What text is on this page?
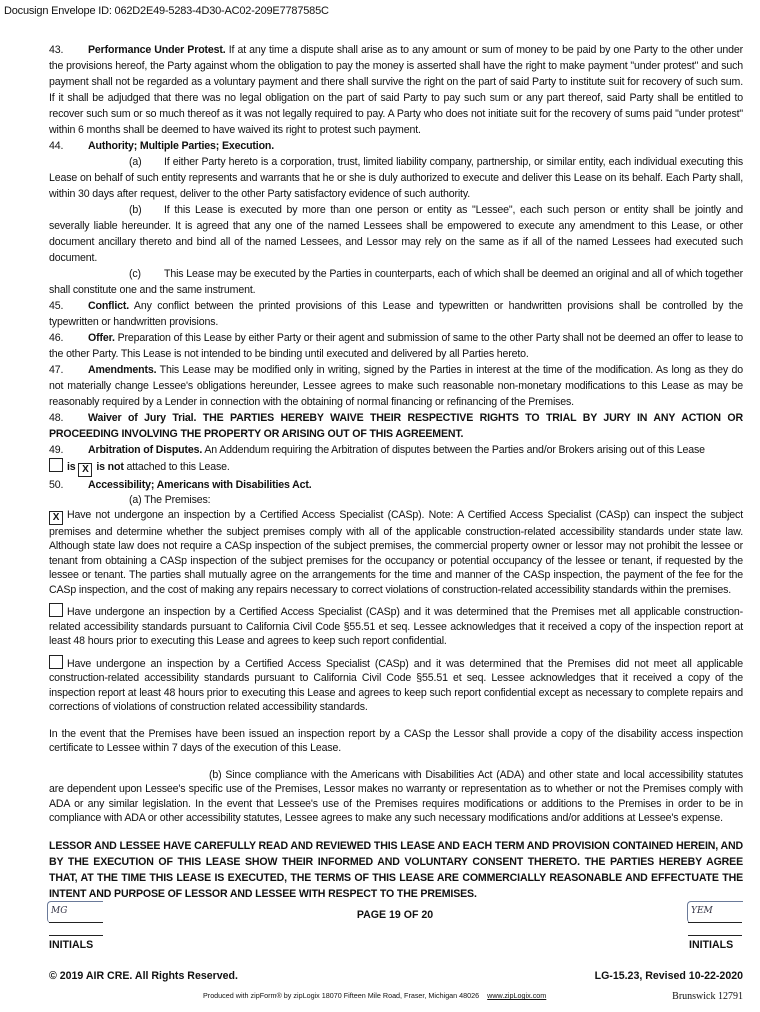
Docusign Envelope ID: 062D2E49-5283-4D30-AC02-209E7787585C

43. Performance Under Protest. If at any time a dispute shall arise as to any amount or sum of money to be paid by one Party to the other under the provisions hereof, the Party against whom the obligation to pay the money is asserted shall have the right to make payment "under protest" and such payment shall not be regarded as a voluntary payment and there shall survive the right on the part of said Party to institute suit for recovery of such sum. If it shall be adjudged that there was no legal obligation on the part of said Party to pay such sum or any part thereof, said Party shall be entitled to recover such sum or so much thereof as it was not legally required to pay. A Party who does not initiate suit for the recovery of sums paid "under protest" within 6 months shall be deemed to have waived its right to protest such payment.

44. Authority; Multiple Parties; Execution.

(a) If either Party hereto is a corporation, trust, limited liability company, partnership, or similar entity, each individual executing this Lease on behalf of such entity represents and warrants that he or she is duly authorized to execute and deliver this Lease on its behalf. Each Party shall, within 30 days after request, deliver to the other Party satisfactory evidence of such authority.

(b) If this Lease is executed by more than one person or entity as "Lessee", each such person or entity shall be jointly and severally liable hereunder. It is agreed that any one of the named Lessees shall be empowered to execute any amendment to this Lease, or other document ancillary thereto and bind all of the named Lessees, and Lessor may rely on the same as if all of the named Lessees had executed such document.

(c) This Lease may be executed by the Parties in counterparts, each of which shall be deemed an original and all of which together shall constitute one and the same instrument.

45. Conflict. Any conflict between the printed provisions of this Lease and typewritten or handwritten provisions shall be controlled by the typewritten or handwritten provisions.

46. Offer. Preparation of this Lease by either Party or their agent and submission of same to the other Party shall not be deemed an offer to lease to the other Party. This Lease is not intended to be binding until executed and delivered by all Parties hereto.

47. Amendments. This Lease may be modified only in writing, signed by the Parties in interest at the time of the modification. As long as they do not materially change Lessee's obligations hereunder, Lessee agrees to make such reasonable non-monetary modifications to this Lease as may be reasonably required by a Lender in connection with the obtaining of normal financing or refinancing of the Premises.

48. Waiver of Jury Trial. THE PARTIES HEREBY WAIVE THEIR RESPECTIVE RIGHTS TO TRIAL BY JURY IN ANY ACTION OR PROCEEDING INVOLVING THE PROPERTY OR ARISING OUT OF THIS AGREEMENT.

49. Arbitration of Disputes. An Addendum requiring the Arbitration of disputes between the Parties and/or Brokers arising out of this Lease

is X is not attached to this Lease.

50. Accessibility; Americans with Disabilities Act.

(a) The Premises:

X Have not undergone an inspection by a Certified Access Specialist (CASp). Note: A Certified Access Specialist (CASp) can inspect the subject premises and determine whether the subject premises comply with all of the applicable construction-related accessibility standards under state law. Although state law does not require a CASp inspection of the subject premises, the commercial property owner or lessor may not prohibit the lessee or tenant from obtaining a CASp inspection of the subject premises for the occupancy or potential occupancy of the lessee or tenant, if requested by the lessee or tenant. The parties shall mutually agree on the arrangements for the time and manner of the CASp inspection, the payment of the fee for the CASp inspection, and the cost of making any repairs necessary to correct violations of construction-related accessibility standards within the premises.

Have undergone an inspection by a Certified Access Specialist (CASp) and it was determined that the Premises met all applicable construction-related accessibility standards pursuant to California Civil Code §55.51 et seq. Lessee acknowledges that it received a copy of the inspection report at least 48 hours prior to executing this Lease and agrees to keep such report confidential.

Have undergone an inspection by a Certified Access Specialist (CASp) and it was determined that the Premises did not meet all applicable construction-related accessibility standards pursuant to California Civil Code §55.51 et seq. Lessee acknowledges that it received a copy of the inspection report at least 48 hours prior to executing this Lease and agrees to keep such report confidential except as necessary to complete repairs and corrections of violations of construction related accessibility standards.

In the event that the Premises have been issued an inspection report by a CASp the Lessor shall provide a copy of the disability access inspection certificate to Lessee within 7 days of the execution of this Lease.

(b) Since compliance with the Americans with Disabilities Act (ADA) and other state and local accessibility statutes are dependent upon Lessee's specific use of the Premises, Lessor makes no warranty or representation as to whether or not the Premises comply with ADA or any similar legislation. In the event that Lessee's use of the Premises requires modifications or additions to the Premises in order to be in compliance with ADA or other accessibility statutes, Lessee agrees to make any such necessary modifications and/or additions at Lessee's expense.

LESSOR AND LESSEE HAVE CAREFULLY READ AND REVIEWED THIS LEASE AND EACH TERM AND PROVISION CONTAINED HEREIN, AND BY THE EXECUTION OF THIS LEASE SHOW THEIR INFORMED AND VOLUNTARY CONSENT THERETO. THE PARTIES HEREBY AGREE THAT, AT THE TIME THIS LEASE IS EXECUTED, THE TERMS OF THIS LEASE ARE COMMERCIALLY REASONABLE AND EFFECTUATE THE INTENT AND PURPOSE OF LESSOR AND LESSEE WITH RESPECT TO THE PREMISES.

MG
INITIALS
PAGE 19 OF 20	YEM
INITIALS
© 2019 AIR CRE. All Rights Reserved.	LG-15.23, Revised 10-22-2020
Produced with zipForm® by zipLogix 18070 Fifteen Mile Road, Fraser, Michigan 48026 www.zipLogix.com	Brunswick 12791
